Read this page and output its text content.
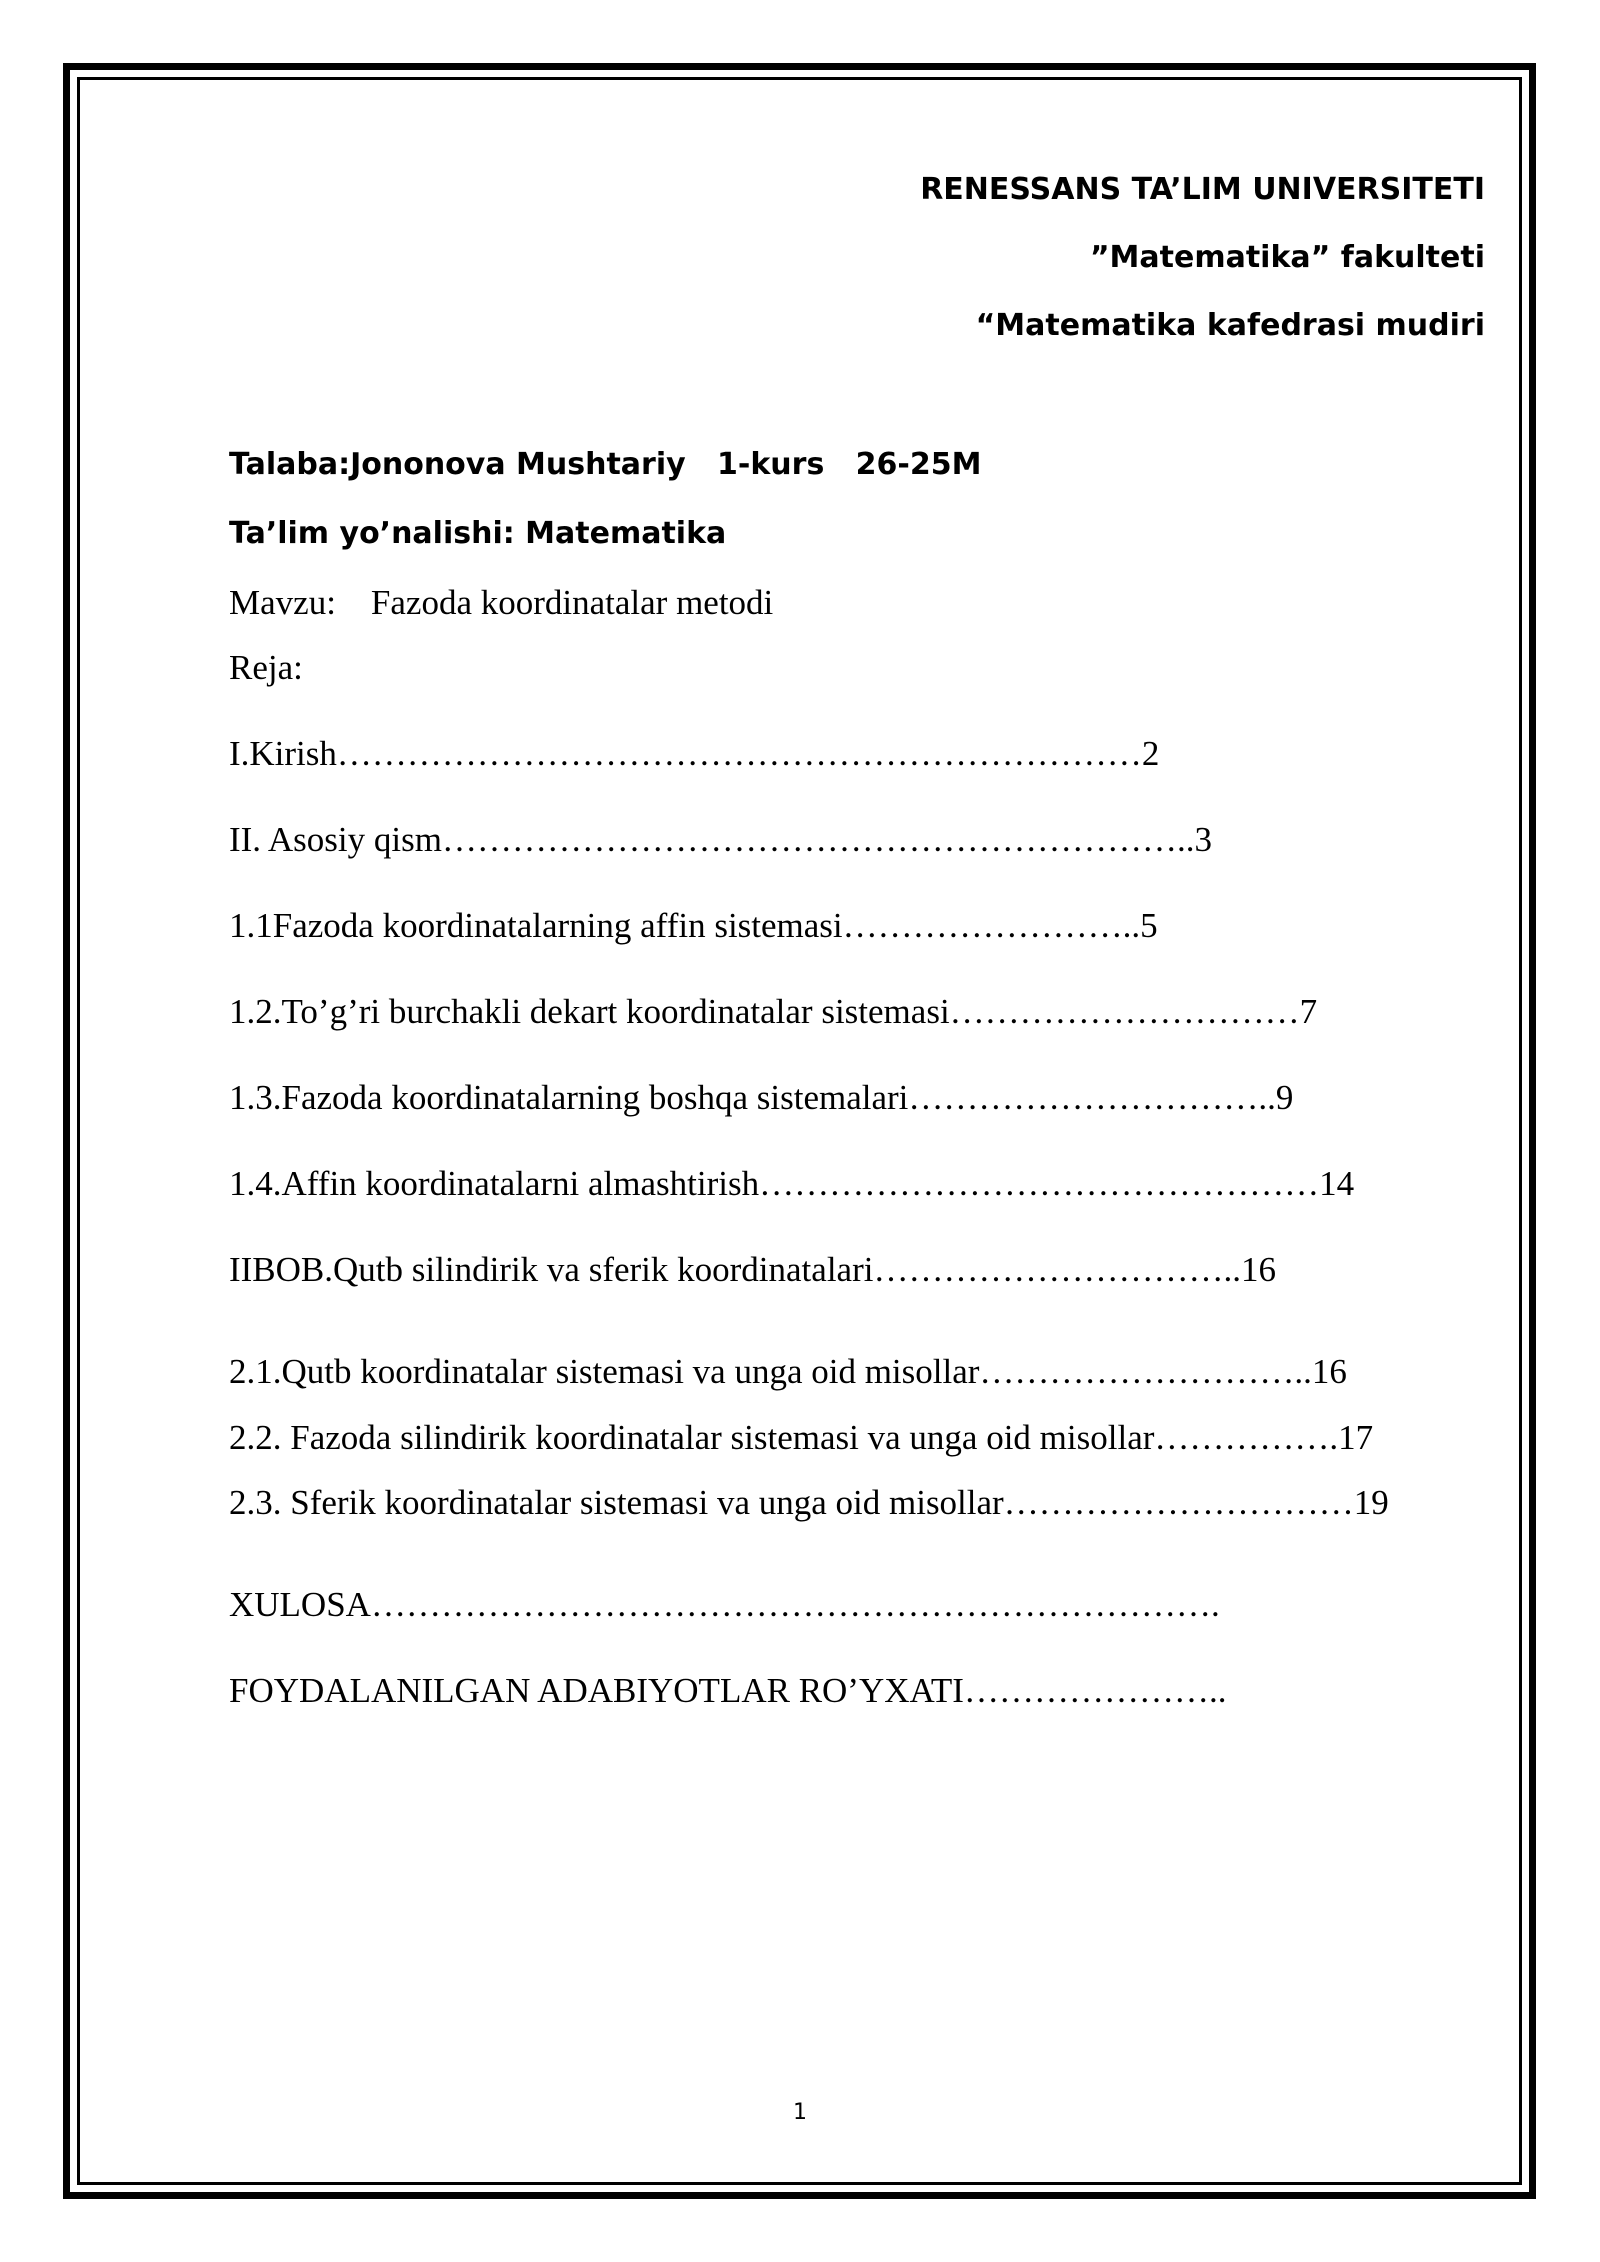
RENESSANS TA’LIM UNIVERSITETI
”Matematika” fakulteti
“Matematika kafedrasi mudiri
Talaba:Jononova Mushtariy   1-kurs   26-25M
Ta’lim yo’nalishi: Matematika
Mavzu: Fazoda koordinatalar metodi
Reja:
I.Kirish……………………………………………………………2
II. Asosiy qism………………………………………………………..3
1.1Fazoda koordinatalarning affin sistemasi……………………..5
1.2.To’g’ri burchakli dekart koordinatalar sistemasi…………………………7
1.3.Fazoda koordinatalarning boshqa sistemalari…………………………..9
1.4.Affin koordinatalarni almashtirish…………………………………………14
IIBOB.Qutb silindirik va sferik koordinatalari…………………………..16
2.1.Qutb koordinatalar sistemasi va unga oid misollar………………………..16
2.2. Fazoda silindirik koordinatalar sistemasi va unga oid misollar…………….17
2.3. Sferik koordinatalar sistemasi va unga oid misollar…………………………19
XULOSA……………………………………………………………….
FOYDALANILGAN ADABIYOTLAR RO’YXATI…………………..
1
